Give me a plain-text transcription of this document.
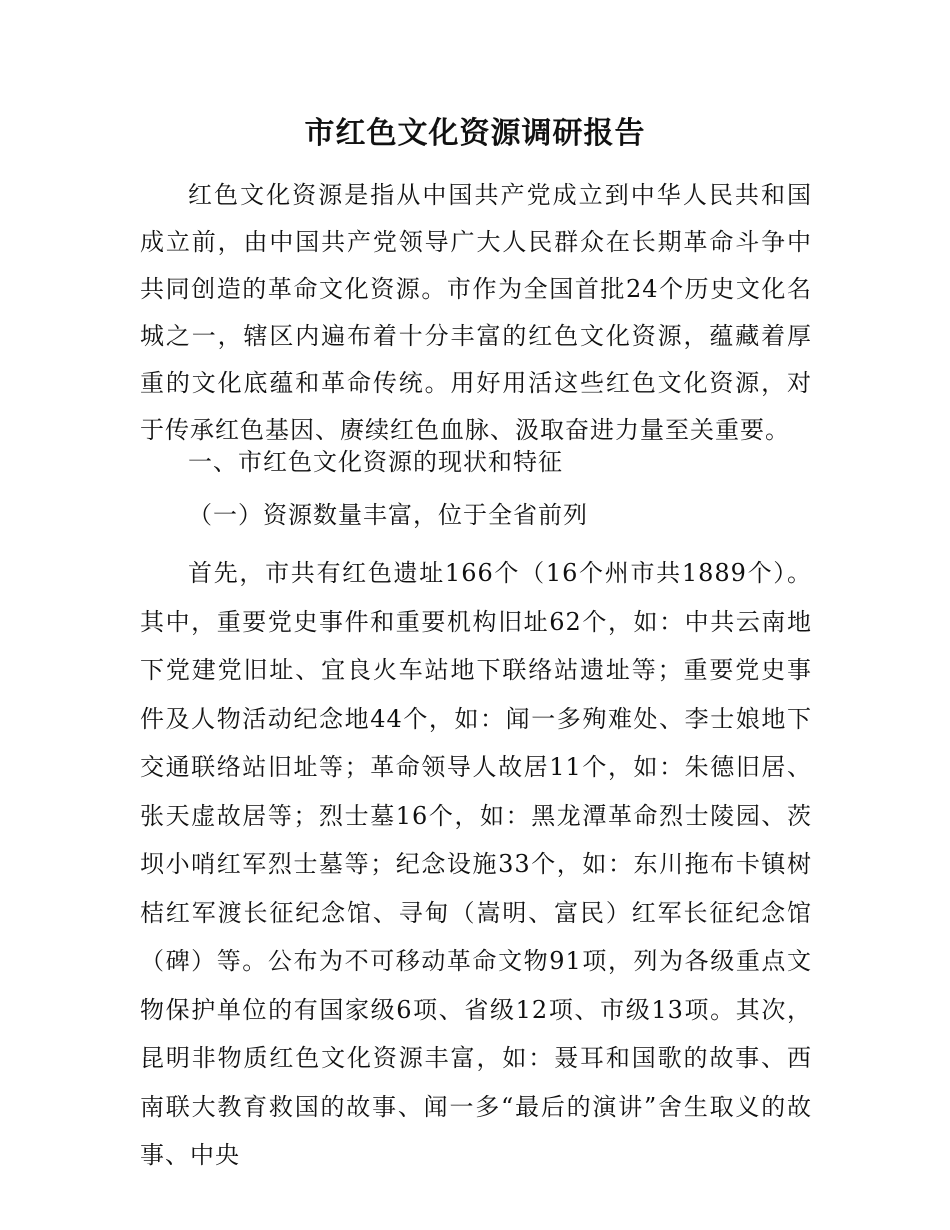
市红色文化资源调研报告

红色文化资源是指从中国共产党成立到中华人民共和国成立前，由中国共产党领导广大人民群众在长期革命斗争中共同创造的革命文化资源。市作为全国首批24个历史文化名城之一，辖区内遍布着十分丰富的红色文化资源，蕴藏着厚重的文化底蕴和革命传统。用好用活这些红色文化资源，对于传承红色基因、赓续红色血脉、汲取奋进力量至关重要。

一、市红色文化资源的现状和特征

（一）资源数量丰富，位于全省前列

首先，市共有红色遗址166个（16个州市共1889个）。其中，重要党史事件和重要机构旧址62个，如：中共云南地下党建党旧址、宜良火车站地下联络站遗址等；重要党史事件及人物活动纪念地44个，如：闻一多殉难处、李士娘地下交通联络站旧址等；革命领导人故居11个，如：朱德旧居、张天虚故居等；烈士墓16个，如：黑龙潭革命烈士陵园、茨坝小哨红军烈士墓等；纪念设施33个，如：东川拖布卡镇树桔红军渡长征纪念馆、寻甸（嵩明、富民）红军长征纪念馆（碑）等。公布为不可移动革命文物91项，列为各级重点文物保护单位的有国家级6项、省级12项、市级13项。其次，昆明非物质红色文化资源丰富，如：聂耳和国歌的故事、西南联大教育救国的故事、闻一多“最后的演讲”舍生取义的故事、中央
